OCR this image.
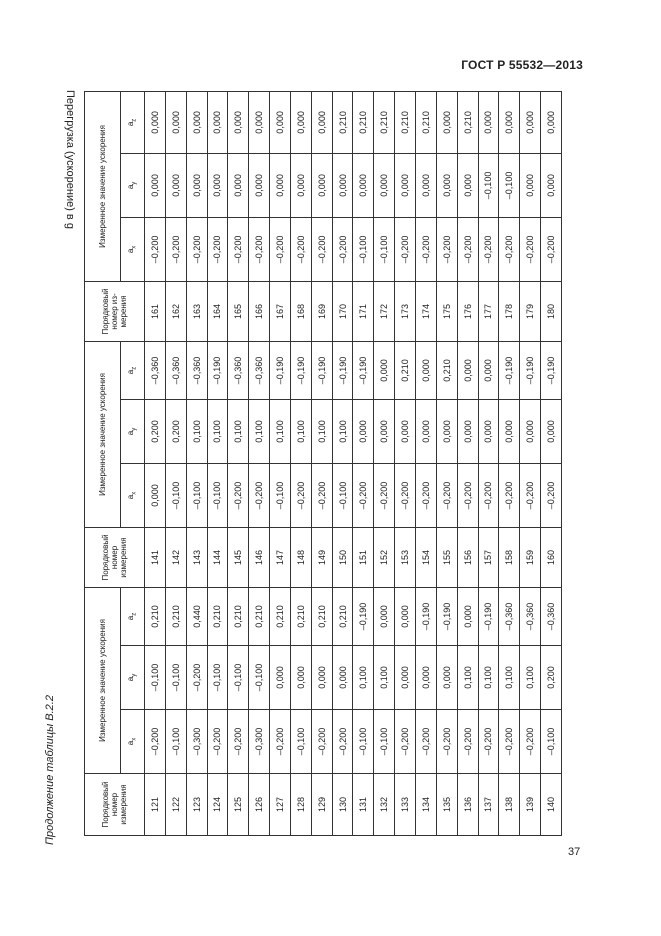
ГОСТ Р 55532—2013
Продолжение таблицы В.2.2
Перегрузка (ускорение) в g
Порядковый номер измерения	Измеренное значение ускорения			Порядковый номер измерения	Измеренное значение ускорения			Порядковый номер из-мерения	Измеренное значение ускорения		
	$a_x$	$a_y$	$a_z$		$a_x$	$a_y$	$a_z$		$a_x$	$a_y$	$a_z$
121	–0,200	–0,100	0,210	141	0,000	0,200	–0,360	161	–0,200	0,000	0,000
122	–0,100	–0,100	0,210	142	–0,100	0,200	–0,360	162	–0,200	0,000	0,000
123	–0,300	–0,200	0,440	143	–0,100	0,100	–0,360	163	–0,200	0,000	0,000
124	–0,200	–0,100	0,210	144	–0,100	0,100	–0,190	164	–0,200	0,000	0,000
125	–0,200	–0,100	0,210	145	–0,200	0,100	–0,360	165	–0,200	0,000	0,000
126	–0,300	–0,100	0,210	146	–0,200	0,100	–0,360	166	–0,200	0,000	0,000
127	–0,200	0,000	0,210	147	–0,100	0,100	–0,190	167	–0,200	0,000	0,000
128	–0,100	0,000	0,210	148	–0,200	0,100	–0,190	168	–0,200	0,000	0,000
129	–0,200	0,000	0,210	149	–0,200	0,100	–0,190	169	–0,200	0,000	0,000
130	–0,200	0,000	0,210	150	–0,100	0,100	–0,190	170	–0,200	0,000	0,210
131	–0,100	0,100	–0,190	151	–0,200	0,000	–0,190	171	–0,100	0,000	0,210
132	–0,100	0,100	0,000	152	–0,200	0,000	0,000	172	–0,100	0,000	0,210
133	–0,200	0,000	0,000	153	–0,200	0,000	0,210	173	–0,200	0,000	0,210
134	–0,200	0,000	–0,190	154	–0,200	0,000	0,000	174	–0,200	0,000	0,210
135	–0,200	0,000	–0,190	155	–0,200	0,000	0,210	175	–0,200	0,000	0,000
136	–0,200	0,100	0,000	156	–0,200	0,000	0,000	176	–0,200	0,000	0,210
137	–0,200	0,100	–0,190	157	–0,200	0,000	0,000	177	–0,200	–0,100	0,000
138	–0,200	0,100	–0,360	158	–0,200	0,000	–0,190	178	–0,200	–0,100	0,000
139	–0,200	0,100	–0,360	159	–0,200	0,000	–0,190	179	–0,200	0,000	0,000
140	–0,100	0,200	–0,360	160	–0,200	0,000	–0,190	180	–0,200	0,000	0,000
37
